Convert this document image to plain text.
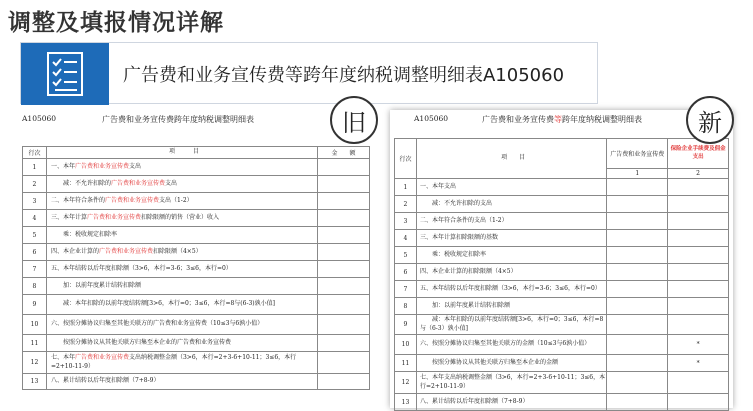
调整及填报情况详解
广告费和业务宣传费等跨年度纳税调整明细表A105060
A105060	广告费和业务宣传费跨年度纳税调整明细表
行次	项　　　目	金　　额
1	一、本年广告费和业务宣传费支出	
2	　　减：不允许扣除的广告费和业务宣传费支出	
3	二、本年符合条件的广告费和业务宣传费支出（1-2）	
4	三、本年计算广告费和业务宣传费扣除限额的销售（营业）收入	
5	　　乘：税收规定扣除率	
6	四、本企业计算的广告费和业务宣传费扣除限额（4×5）	
7	五、本年结转以后年度扣除额（3>6，本行=3-6；3≤6，本行=0）	
8	　　加：以前年度累计结转扣除额	
9	　　减：本年扣除的以前年度结转额[3>6，本行=0；3≤6，本行=8与(6-3)孰小值]	
10	六、按照分摊协议归集至其他关联方的广告费和业务宣传费（10≤3与6孰小值）	
11	　　按照分摊协议从其他关联方归集至本企业的广告费和业务宣传费	
12	七、本年广告费和业务宣传费支出纳税调整金额（3>6，本行=2+3-6+10-11；3≤6，本行=2+10-11-9）	
13	八、累计结转以后年度扣除额（7+8-9）	
A105060	广告费和业务宣传费等跨年度纳税调整明细表
行次	项　　目	广告费和业务宣传费	保险企业手续费及佣金支出
		1	2
1	一、本年支出		
2	　　减：不允许扣除的支出		
3	二、本年符合条件的支出（1-2）		
4	三、本年计算扣除限额的基数		
5	　　乘：税收规定扣除率		
6	四、本企业计算的扣除限额（4×5）		
7	五、本年结转以后年度扣除额（3>6，本行=3-6；3≤6，本行=0）		
8	　　加：以前年度累计结转扣除额		
9	　　减：本年扣除的以前年度结转额[3>6，本行=0；3≤6，本行=8与（6-3）孰小值]		
10	六、按照分摊协议归集至其他关联方的金额（10≤3与6孰小值）		*
11	　　按照分摊协议从其他关联方归集至本企业的金额		*
12	七、本年支出纳税调整金额（3>6，本行=2+3-6+10-11；3≤6，本行=2+10-11-9）		
13	八、累计结转以后年度扣除额（7+8-9）		
旧	新
